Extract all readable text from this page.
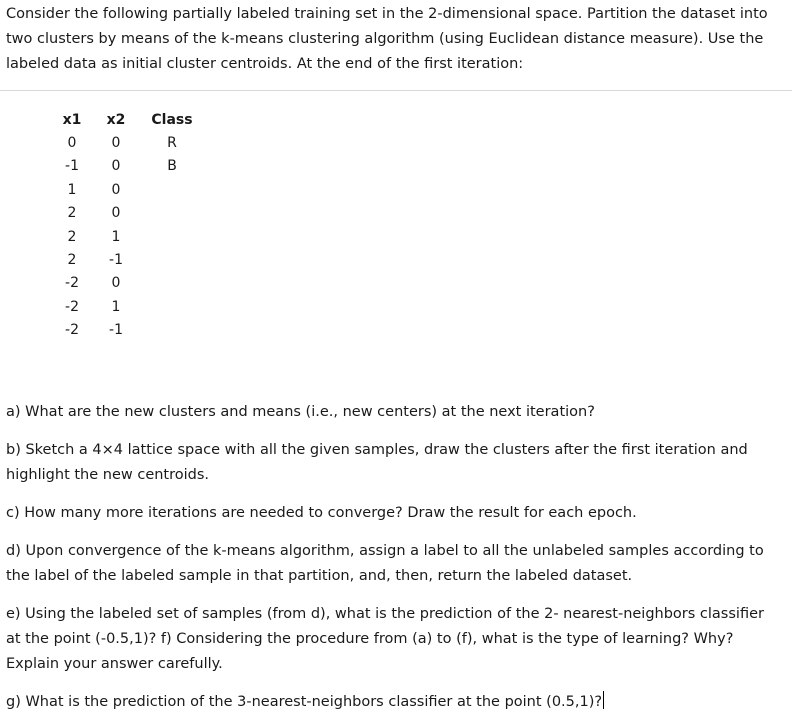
Consider the following partially labeled training set in the 2-dimensional space. Partition the dataset into
two clusters by means of the k-means clustering algorithm (using Euclidean distance measure). Use the
labeled data as initial cluster centroids. At the end of the first iteration:
x1	x2	Class
0	0	R
-1	0	B
1	0	
2	0	
2	1	
2	-1	
-2	0	
-2	1	
-2	-1	
a) What are the new clusters and means (i.e., new centers) at the next iteration?
b) Sketch a 4×4 lattice space with all the given samples, draw the clusters after the first iteration and
highlight the new centroids.
c) How many more iterations are needed to converge? Draw the result for each epoch.
d) Upon convergence of the k-means algorithm, assign a label to all the unlabeled samples according to
the label of the labeled sample in that partition, and, then, return the labeled dataset.
e) Using the labeled set of samples (from d), what is the prediction of the 2- nearest-neighbors classifier
at the point (-0.5,1)? f) Considering the procedure from (a) to (f), what is the type of learning? Why?
Explain your answer carefully.
g) What is the prediction of the 3-nearest-neighbors classifier at the point (0.5,1)?
